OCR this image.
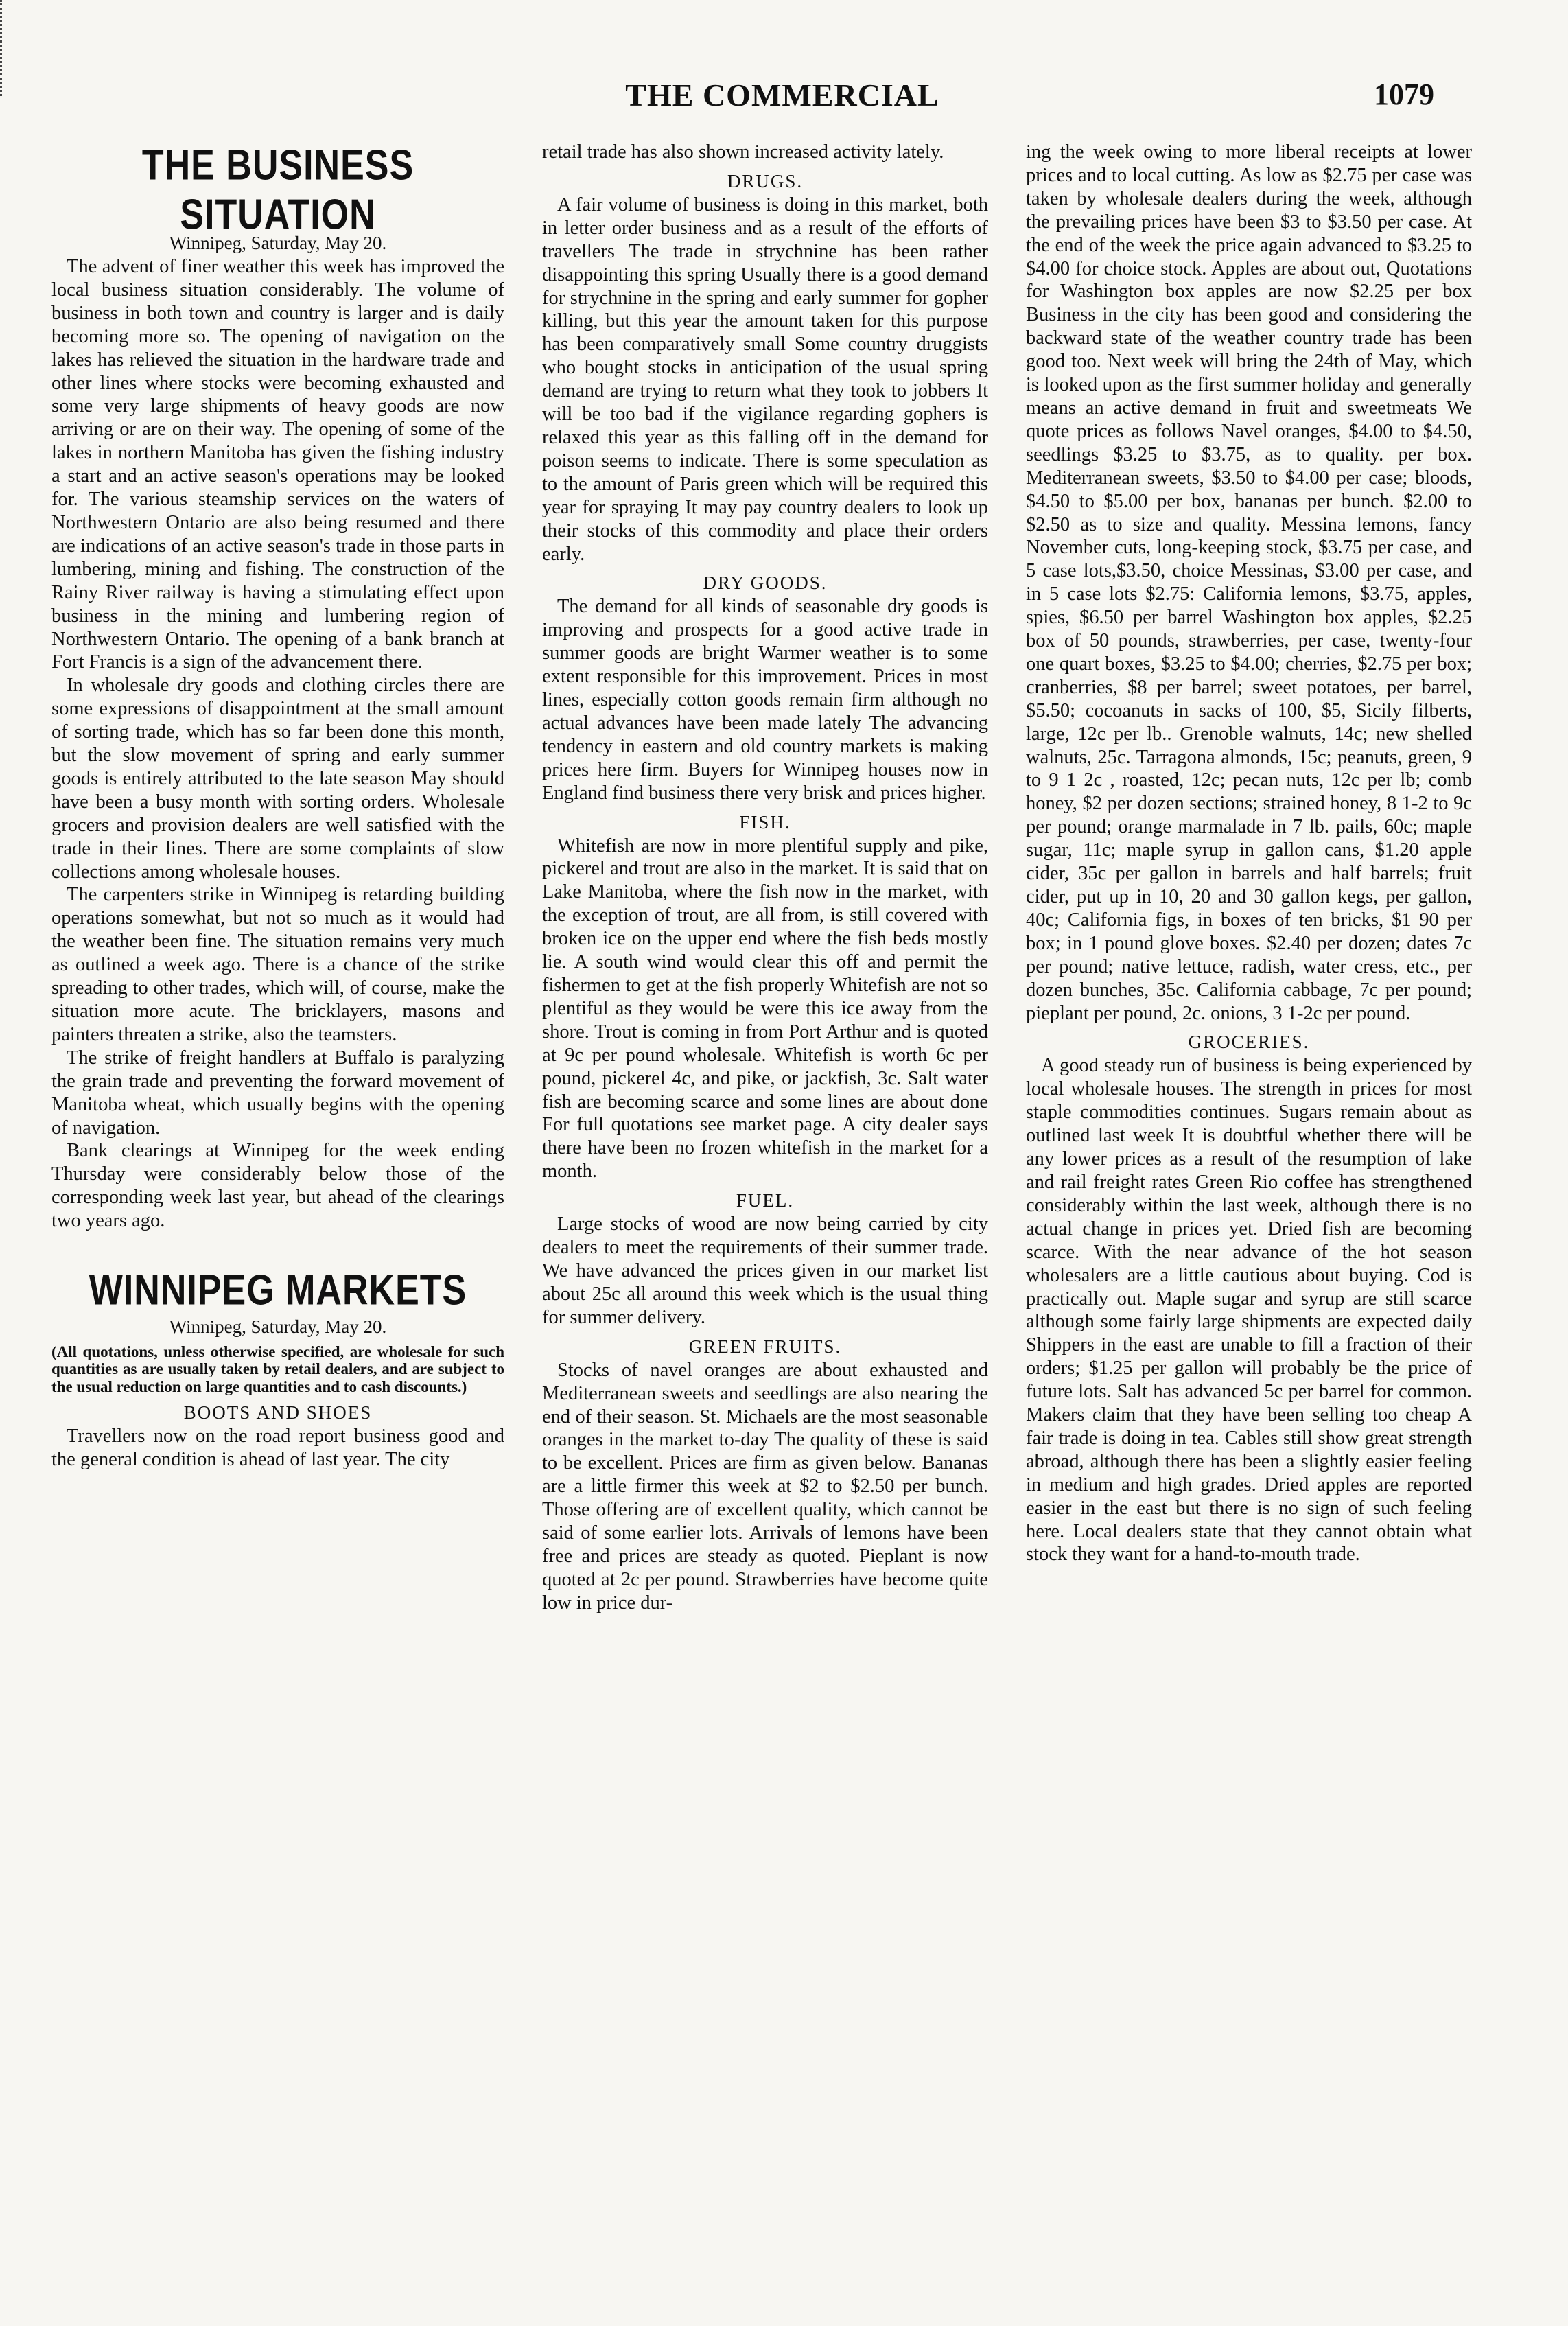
THE COMMERCIAL	1079
THE BUSINESS SITUATION
Winnipeg, Saturday, May 20.

The advent of finer weather this week has improved the local business situation considerably. The volume of business in both town and country is larger and is daily becoming more so. The opening of navigation on the lakes has relieved the situation in the hardware trade and other lines where stocks were becoming exhausted and some very large shipments of heavy goods are now arriving or are on their way. The opening of some of the lakes in northern Manitoba has given the fishing industry a start and an active season's operations may be looked for. The various steamship services on the waters of Northwestern Ontario are also being resumed and there are indications of an active season's trade in those parts in lumbering, mining and fishing. The construction of the Rainy River railway is having a stimulating effect upon business in the mining and lumbering region of Northwestern Ontario. The opening of a bank branch at Fort Francis is a sign of the advancement there.

In wholesale dry goods and clothing circles there are some expressions of disappointment at the small amount of sorting trade, which has so far been done this month, but the slow movement of spring and early summer goods is entirely attributed to the late season May should have been a busy month with sorting orders. Wholesale grocers and provision dealers are well satisfied with the trade in their lines. There are some complaints of slow collections among wholesale houses.

The carpenters strike in Winnipeg is retarding building operations somewhat, but not so much as it would had the weather been fine. The situation remains very much as outlined a week ago. There is a chance of the strike spreading to other trades, which will, of course, make the situation more acute. The bricklayers, masons and painters threaten a strike, also the teamsters.

The strike of freight handlers at Buffalo is paralyzing the grain trade and preventing the forward movement of Manitoba wheat, which usually begins with the opening of navigation.

Bank clearings at Winnipeg for the week ending Thursday were considerably below those of the corresponding week last year, but ahead of the clearings two years ago.

WINNIPEG MARKETS
Winnipeg, Saturday, May 20.
(All quotations, unless otherwise specified, are wholesale for such quantities as are usually taken by retail dealers, and are subject to the usual reduction on large quantities and to cash discounts.)
BOOTS AND SHOES

Travellers now on the road report business good and the general condition is ahead of last year. The city

retail trade has also shown increased activity lately.

DRUGS.

A fair volume of business is doing in this market, both in letter order business and as a result of the efforts of travellers The trade in strychnine has been rather disappointing this spring Usually there is a good demand for strychnine in the spring and early summer for gopher killing, but this year the amount taken for this purpose has been comparatively small Some country druggists who bought stocks in anticipation of the usual spring demand are trying to return what they took to jobbers It will be too bad if the vigilance regarding gophers is relaxed this year as this falling off in the demand for poison seems to indicate. There is some speculation as to the amount of Paris green which will be required this year for spraying It may pay country dealers to look up their stocks of this commodity and place their orders early.

DRY GOODS.

The demand for all kinds of seasonable dry goods is improving and prospects for a good active trade in summer goods are bright Warmer weather is to some extent responsible for this improvement. Prices in most lines, especially cotton goods remain firm although no actual advances have been made lately The advancing tendency in eastern and old country markets is making prices here firm. Buyers for Winnipeg houses now in England find business there very brisk and prices higher.

FISH.

Whitefish are now in more plentiful supply and pike, pickerel and trout are also in the market. It is said that on Lake Manitoba, where the fish now in the market, with the exception of trout, are all from, is still covered with broken ice on the upper end where the fish beds mostly lie. A south wind would clear this off and permit the fishermen to get at the fish properly Whitefish are not so plentiful as they would be were this ice away from the shore. Trout is coming in from Port Arthur and is quoted at 9c per pound wholesale. Whitefish is worth 6c per pound, pickerel 4c, and pike, or jackfish, 3c. Salt water fish are becoming scarce and some lines are about done For full quotations see market page. A city dealer says there have been no frozen whitefish in the market for a month.

FUEL.

Large stocks of wood are now being carried by city dealers to meet the requirements of their summer trade. We have advanced the prices given in our market list about 25c all around this week which is the usual thing for summer delivery.

GREEN FRUITS.

Stocks of navel oranges are about exhausted and Mediterranean sweets and seedlings are also nearing the end of their season. St. Michaels are the most seasonable oranges in the market to-day The quality of these is said to be excellent. Prices are firm as given below. Bananas are a little firmer this week at $2 to $2.50 per bunch. Those offering are of excellent quality, which cannot be said of some earlier lots. Arrivals of lemons have been free and prices are steady as quoted. Pieplant is now quoted at 2c per pound. Strawberries have become quite low in price dur-

ing the week owing to more liberal receipts at lower prices and to local cutting. As low as $2.75 per case was taken by wholesale dealers during the week, although the prevailing prices have been $3 to $3.50 per case. At the end of the week the price again advanced to $3.25 to $4.00 for choice stock. Apples are about out, Quotations for Washington box apples are now $2.25 per box Business in the city has been good and considering the backward state of the weather country trade has been good too. Next week will bring the 24th of May, which is looked upon as the first summer holiday and generally means an active demand in fruit and sweetmeats We quote prices as follows Navel oranges, $4.00 to $4.50, seedlings $3.25 to $3.75, as to quality. per box. Mediterranean sweets, $3.50 to $4.00 per case; bloods, $4.50 to $5.00 per box, bananas per bunch. $2.00 to $2.50 as to size and quality. Messina lemons, fancy November cuts, long-keeping stock, $3.75 per case, and 5 case lots,$3.50, choice Messinas, $3.00 per case, and in 5 case lots $2.75: California lemons, $3.75, apples, spies, $6.50 per barrel Washington box apples, $2.25 box of 50 pounds, strawberries, per case, twenty-four one quart boxes, $3.25 to $4.00; cherries, $2.75 per box; cranberries, $8 per barrel; sweet potatoes, per barrel, $5.50; cocoanuts in sacks of 100, $5, Sicily filberts, large, 12c per lb.. Grenoble walnuts, 14c; new shelled walnuts, 25c. Tarragona almonds, 15c; peanuts, green, 9 to 9 1 2c , roasted, 12c; pecan nuts, 12c per lb; comb honey, $2 per dozen sections; strained honey, 8 1-2 to 9c per pound; orange marmalade in 7 lb. pails, 60c; maple sugar, 11c; maple syrup in gallon cans, $1.20 apple cider, 35c per gallon in barrels and half barrels; fruit cider, put up in 10, 20 and 30 gallon kegs, per gallon, 40c; California figs, in boxes of ten bricks, $1 90 per box; in 1 pound glove boxes. $2.40 per dozen; dates 7c per pound; native lettuce, radish, water cress, etc., per dozen bunches, 35c. California cabbage, 7c per pound; pieplant per pound, 2c. onions, 3 1-2c per pound.

GROCERIES.

A good steady run of business is being experienced by local wholesale houses. The strength in prices for most staple commodities continues. Sugars remain about as outlined last week It is doubtful whether there will be any lower prices as a result of the resumption of lake and rail freight rates Green Rio coffee has strengthened considerably within the last week, although there is no actual change in prices yet. Dried fish are becoming scarce. With the near advance of the hot season wholesalers are a little cautious about buying. Cod is practically out. Maple sugar and syrup are still scarce although some fairly large shipments are expected daily Shippers in the east are unable to fill a fraction of their orders; $1.25 per gallon will probably be the price of future lots. Salt has advanced 5c per barrel for common. Makers claim that they have been selling too cheap A fair trade is doing in tea. Cables still show great strength abroad, although there has been a slightly easier feeling in medium and high grades. Dried apples are reported easier in the east but there is no sign of such feeling here. Local dealers state that they cannot obtain what stock they want for a hand-to-mouth trade.
